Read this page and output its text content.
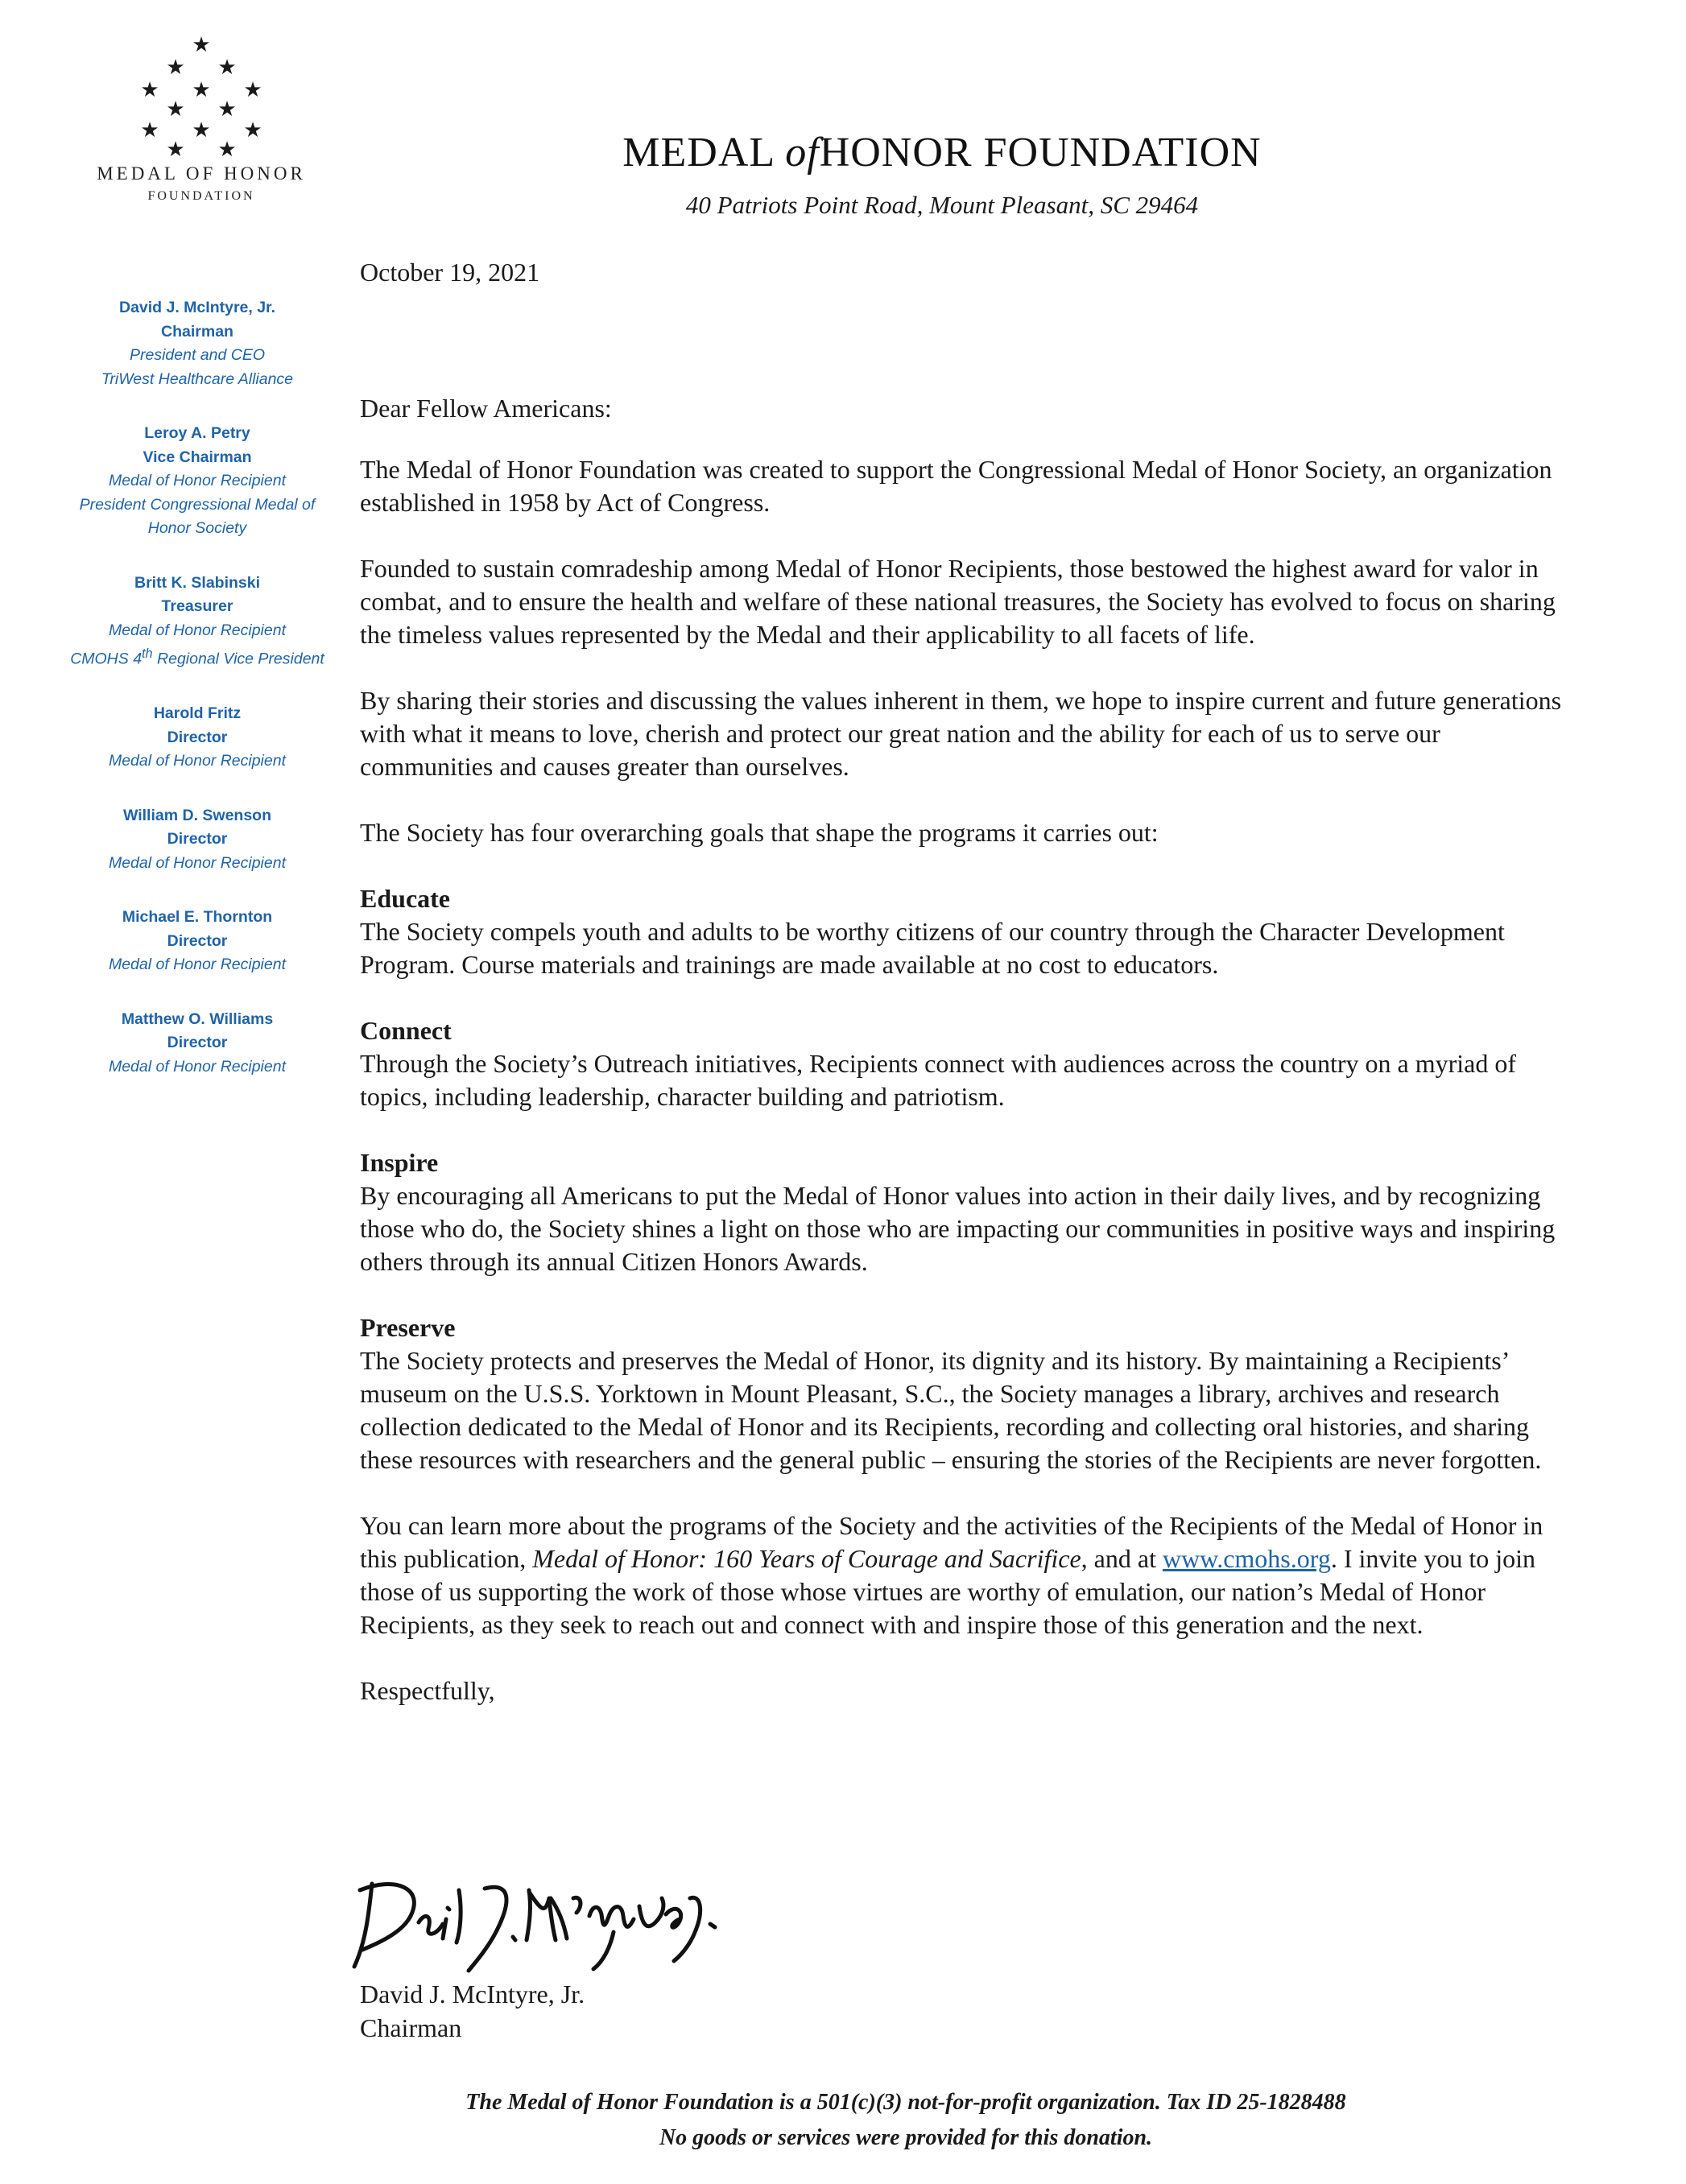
★
★ ★
★ ★ ★
★ ★
★ ★ ★
★ ★
MEDAL OF HONOR
FOUNDATION
MEDAL ofHONOR FOUNDATION
40 Patriots Point Road, Mount Pleasant, SC 29464
David J. McIntyre, Jr.
Chairman
President and CEO
TriWest Healthcare Alliance
Leroy A. Petry
Vice Chairman
Medal of Honor Recipient
President Congressional Medal of
Honor Society
Britt K. Slabinski
Treasurer
Medal of Honor Recipient
CMOHS 4th Regional Vice President
Harold Fritz
Director
Medal of Honor Recipient
William D. Swenson
Director
Medal of Honor Recipient
Michael E. Thornton
Director
Medal of Honor Recipient
Matthew O. Williams
Director
Medal of Honor Recipient
October 19, 2021
Dear Fellow Americans:

The Medal of Honor Foundation was created to support the Congressional Medal of Honor Society, an organization established in 1958 by Act of Congress.

Founded to sustain comradeship among Medal of Honor Recipients, those bestowed the highest award for valor in combat, and to ensure the health and welfare of these national treasures, the Society has evolved to focus on sharing the timeless values represented by the Medal and their applicability to all facets of life.

By sharing their stories and discussing the values inherent in them, we hope to inspire current and future generations with what it means to love, cherish and protect our great nation and the ability for each of us to serve our communities and causes greater than ourselves.

The Society has four overarching goals that shape the programs it carries out:

Educate

The Society compels youth and adults to be worthy citizens of our country through the Character Development Program. Course materials and trainings are made available at no cost to educators.

Connect

Through the Society’s Outreach initiatives, Recipients connect with audiences across the country on a myriad of topics, including leadership, character building and patriotism.

Inspire

By encouraging all Americans to put the Medal of Honor values into action in their daily lives, and by recognizing those who do, the Society shines a light on those who are impacting our communities in positive ways and inspiring others through its annual Citizen Honors Awards.

Preserve

The Society protects and preserves the Medal of Honor, its dignity and its history. By maintaining a Recipients’ museum on the U.S.S. Yorktown in Mount Pleasant, S.C., the Society manages a library, archives and research collection dedicated to the Medal of Honor and its Recipients, recording and collecting oral histories, and sharing these resources with researchers and the general public – ensuring the stories of the Recipients are never forgotten.

You can learn more about the programs of the Society and the activities of the Recipients of the Medal of Honor in this publication, Medal of Honor: 160 Years of Courage and Sacrifice, and at www.cmohs.org. I invite you to join those of us supporting the work of those whose virtues are worthy of emulation, our nation’s Medal of Honor Recipients, as they seek to reach out and connect with and inspire those of this generation and the next.

Respectfully,
David J. McIntyre, Jr.
Chairman
The Medal of Honor Foundation is a 501(c)(3) not-for-profit organization. Tax ID 25-1828488
No goods or services were provided for this donation.
